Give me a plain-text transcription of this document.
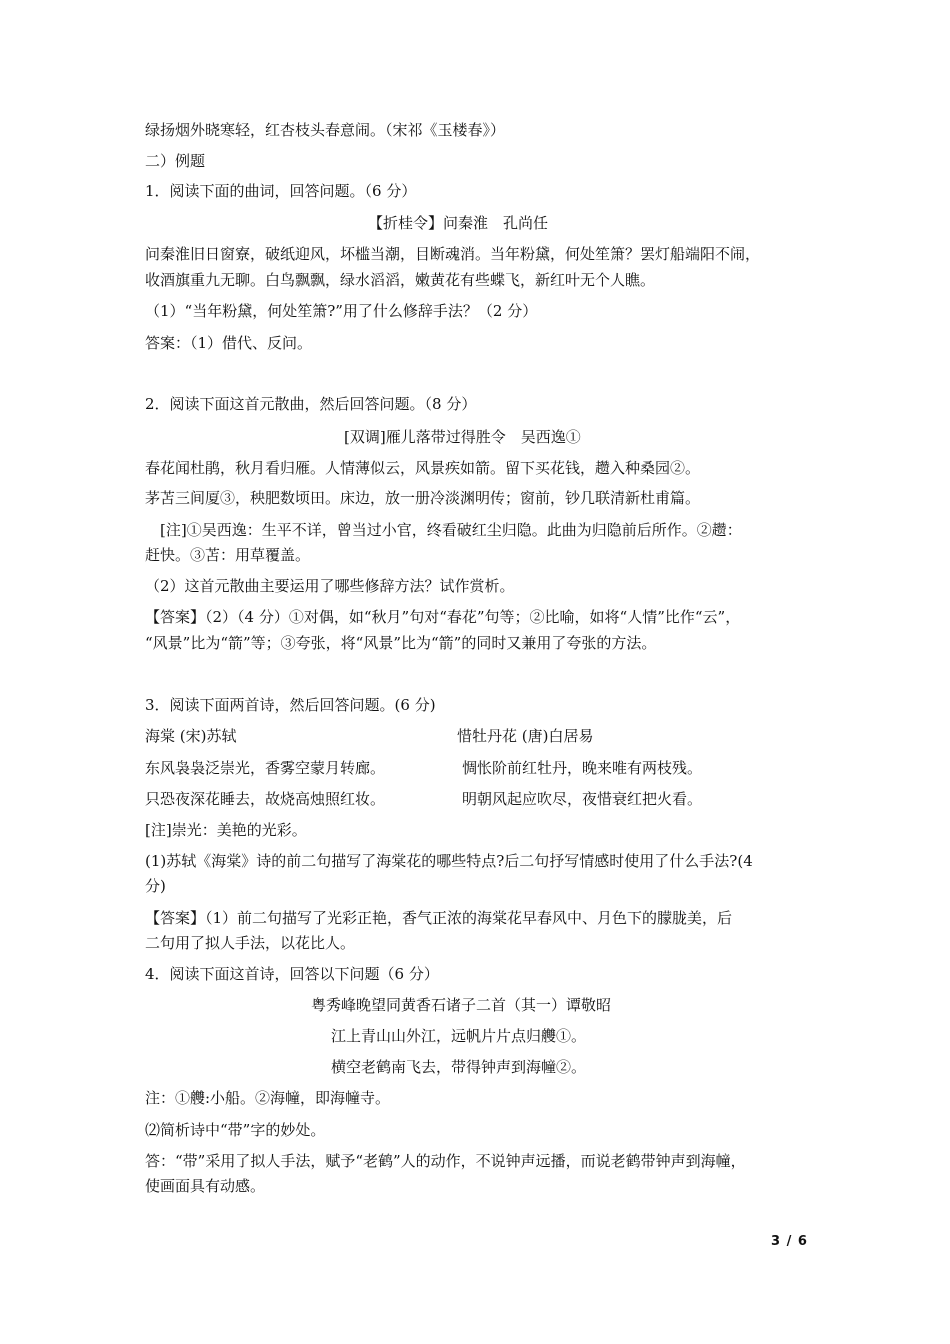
绿扬烟外晓寒轻，红杏枝头春意闹。（宋祁《玉楼春》）
二）例题
1．阅读下面的曲词，回答问题。（6 分）
【折桂令】问秦淮　孔尚任
问秦淮旧日窗寮，破纸迎风，坏槛当潮，目断魂消。当年粉黛，何处笙箫？罢灯船端阳不闹，
收酒旗重九无聊。白鸟飘飘，绿水滔滔，嫩黄花有些蝶飞，新红叶无个人瞧。
（1）“当年粉黛，何处笙箫?”用了什么修辞手法？（2 分）
答案：（1）借代、反问。
2．阅读下面这首元散曲，然后回答问题。（8 分）
[双调]雁儿落带过得胜令　吴西逸①
春花闻杜鹃，秋月看归雁。人情薄似云，风景疾如箭。留下买花钱，趱入种桑园②。
茅苫三间厦③，秧肥数顷田。床边，放一册冷淡渊明传；窗前，钞几联清新杜甫篇。
　[注]①吴西逸：生平不详，曾当过小官，终看破红尘归隐。此曲为归隐前后所作。②趱：
赶快。③苫：用草覆盖。
（2）这首元散曲主要运用了哪些修辞方法？试作赏析。
【答案】（2）（4 分）①对偶，如“秋月”句对“春花”句等；②比喻，如将“人情”比作“云”，
“风景”比为“箭”等；③夸张，将“风景”比为“箭”的同时又兼用了夸张的方法。
3．阅读下面两首诗，然后回答问题。(6 分)
海棠 (宋)苏轼	惜牡丹花 (唐)白居易
东风袅袅泛崇光，香雾空蒙月转廊。	惆怅阶前红牡丹，晚来唯有两枝残。
只恐夜深花睡去，故烧高烛照红妆。	明朝风起应吹尽，夜惜衰红把火看。
[注]崇光：美艳的光彩。
(1)苏轼《海棠》诗的前二句描写了海棠花的哪些特点?后二句抒写情感时使用了什么手法?(4
分)
【答案】（1）前二句描写了光彩正艳，香气正浓的海棠花早春风中、月色下的朦胧美，后
二句用了拟人手法，以花比人。
4．阅读下面这首诗，回答以下问题（6 分）
粤秀峰晚望同黄香石诸子二首（其一）谭敬昭
江上青山山外江，远帆片片点归艭①。
横空老鹤南飞去，带得钟声到海幢②。
注：①艭:小船。②海幢，即海幢寺。
⑵简析诗中“带”字的妙处。
答：“带”采用了拟人手法，赋予“老鹤”人的动作，不说钟声远播，而说老鹤带钟声到海幢，
使画面具有动感。
3 / 6
